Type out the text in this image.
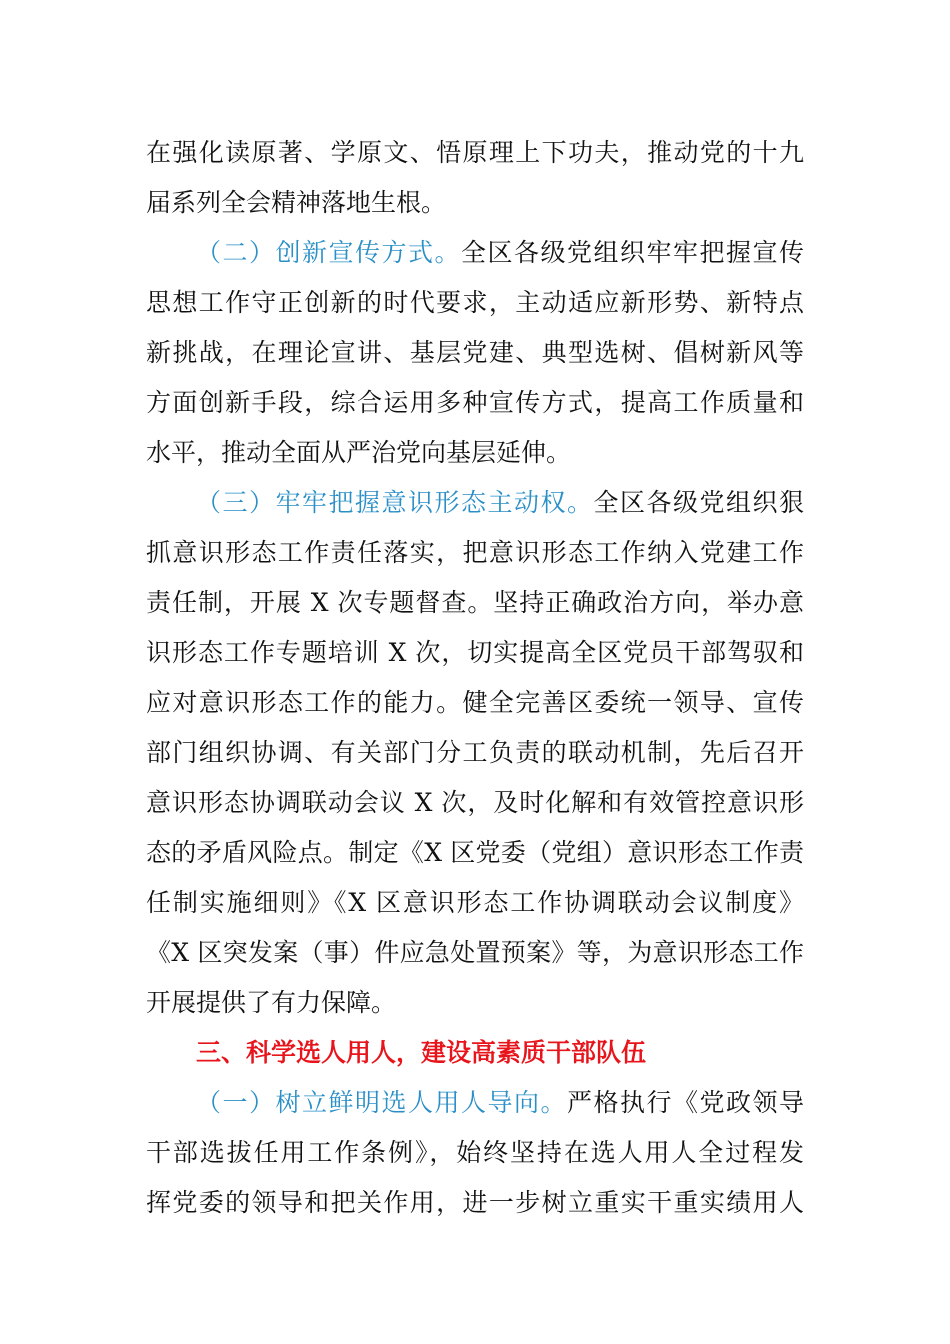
在强化读原著、学原文、悟原理上下功夫，推动党的十九
届系列全会精神落地生根。
（二）创新宣传方式。全区各级党组织牢牢把握宣传
思想工作守正创新的时代要求，主动适应新形势、新特点
新挑战，在理论宣讲、基层党建、典型选树、倡树新风等
方面创新手段，综合运用多种宣传方式，提高工作质量和
水平，推动全面从严治党向基层延伸。
（三）牢牢把握意识形态主动权。全区各级党组织狠
抓意识形态工作责任落实，把意识形态工作纳入党建工作
责任制，开展 X 次专题督查。坚持正确政治方向，举办意
识形态工作专题培训 X 次，切实提高全区党员干部驾驭和
应对意识形态工作的能力。健全完善区委统一领导、宣传
部门组织协调、有关部门分工负责的联动机制，先后召开
意识形态协调联动会议 X 次，及时化解和有效管控意识形
态的矛盾风险点。制定《X 区党委（党组）意识形态工作责
任制实施细则》《X 区意识形态工作协调联动会议制度》
《X 区突发案（事）件应急处置预案》等，为意识形态工作
开展提供了有力保障。
三、科学选人用人，建设高素质干部队伍
（一）树立鲜明选人用人导向。严格执行《党政领导
干部选拔任用工作条例》，始终坚持在选人用人全过程发
挥党委的领导和把关作用，进一步树立重实干重实绩用人
